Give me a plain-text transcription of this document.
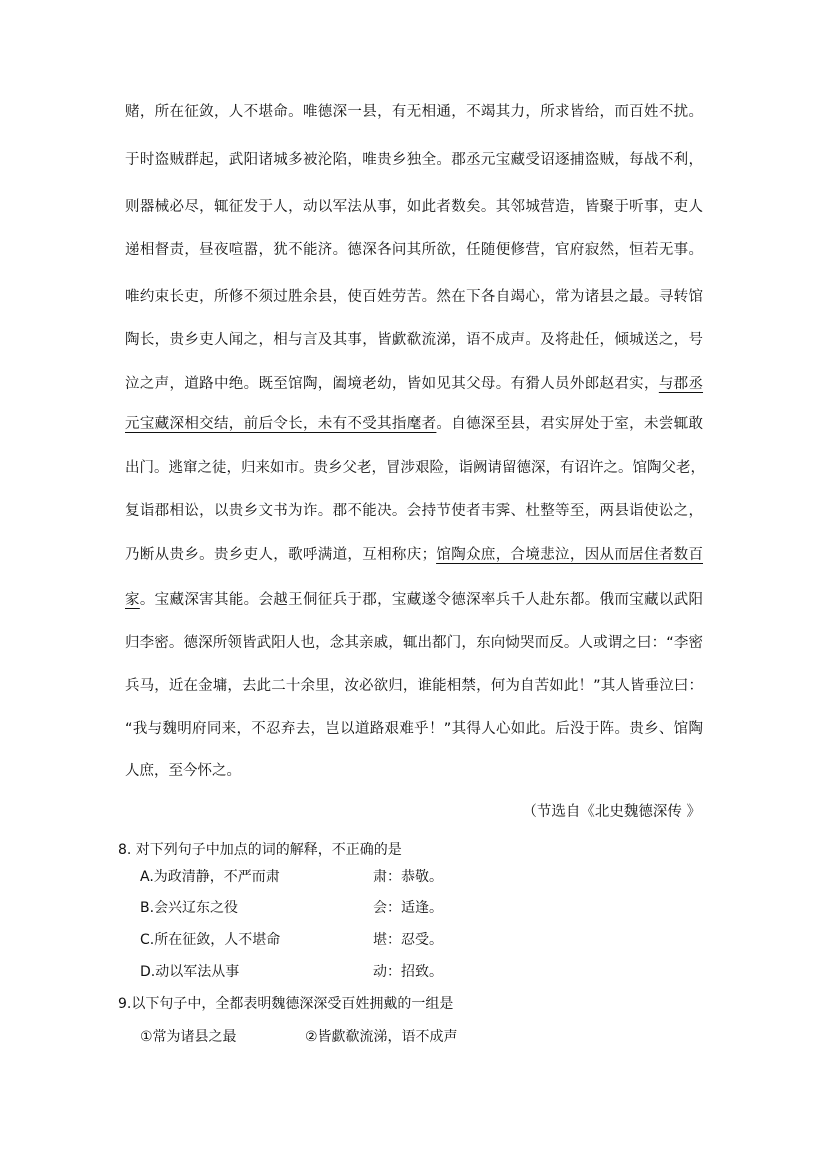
赌，所在征敛，人不堪命。唯德深一县，有无相通，不竭其力，所求皆给，而百姓不扰。
于时盗贼群起，武阳诸城多被沦陷，唯贵乡独全。郡丞元宝藏受诏逐捕盗贼，每战不利，
则器械必尽，辄征发于人，动以军法从事，如此者数矣。其邻城营造，皆聚于听事，吏人
递相督责，昼夜喧嚣，犹不能济。德深各问其所欲，任随便修营，官府寂然，恒若无事。
唯约束长吏，所修不须过胜余县，使百姓劳苦。然在下各自竭心，常为诸县之最。寻转馆
陶长，贵乡吏人闻之，相与言及其事，皆歔欷流涕，语不成声。及将赴任，倾城送之，号
泣之声，道路中绝。既至馆陶，阖境老幼，皆如见其父母。有猾人员外郎赵君实，与郡丞
元宝藏深相交结，前后令长，未有不受其指麾者。自德深至县，君实屏处于室，未尝辄敢
出门。逃窜之徒，归来如市。贵乡父老，冒涉艰险，诣阙请留德深，有诏许之。馆陶父老，
复诣郡相讼，以贵乡文书为诈。郡不能决。会持节使者韦霁、杜整等至，两县诣使讼之，
乃断从贵乡。贵乡吏人，歌呼满道，互相称庆；馆陶众庶，合境悲泣，因从而居住者数百
家。宝藏深害其能。会越王侗征兵于郡，宝藏遂令德深率兵千人赴东都。俄而宝藏以武阳
归李密。德深所领皆武阳人也，念其亲戚，辄出都门，东向恸哭而反。人或谓之曰：“李密
兵马，近在金墉，去此二十余里，汝必欲归，谁能相禁，何为自苦如此！”其人皆垂泣曰：
“我与魏明府同来，不忍弃去，岂以道路艰难乎！”其得人心如此。后没于阵。贵乡、馆陶
人庶，至今怀之。
（节选自《北史魏德深传 》
8. 对下列句子中加点的词的解释，不正确的是
A.为政清静，不严而肃	肃：恭敬。
B.会兴辽东之役	会：适逢。
C.所在征敛，人不堪命	堪：忍受。
D.动以军法从事	动：招致。
9.以下句子中，全都表明魏德深深受百姓拥戴的一组是
①常为诸县之最	②皆歔欷流涕，语不成声
